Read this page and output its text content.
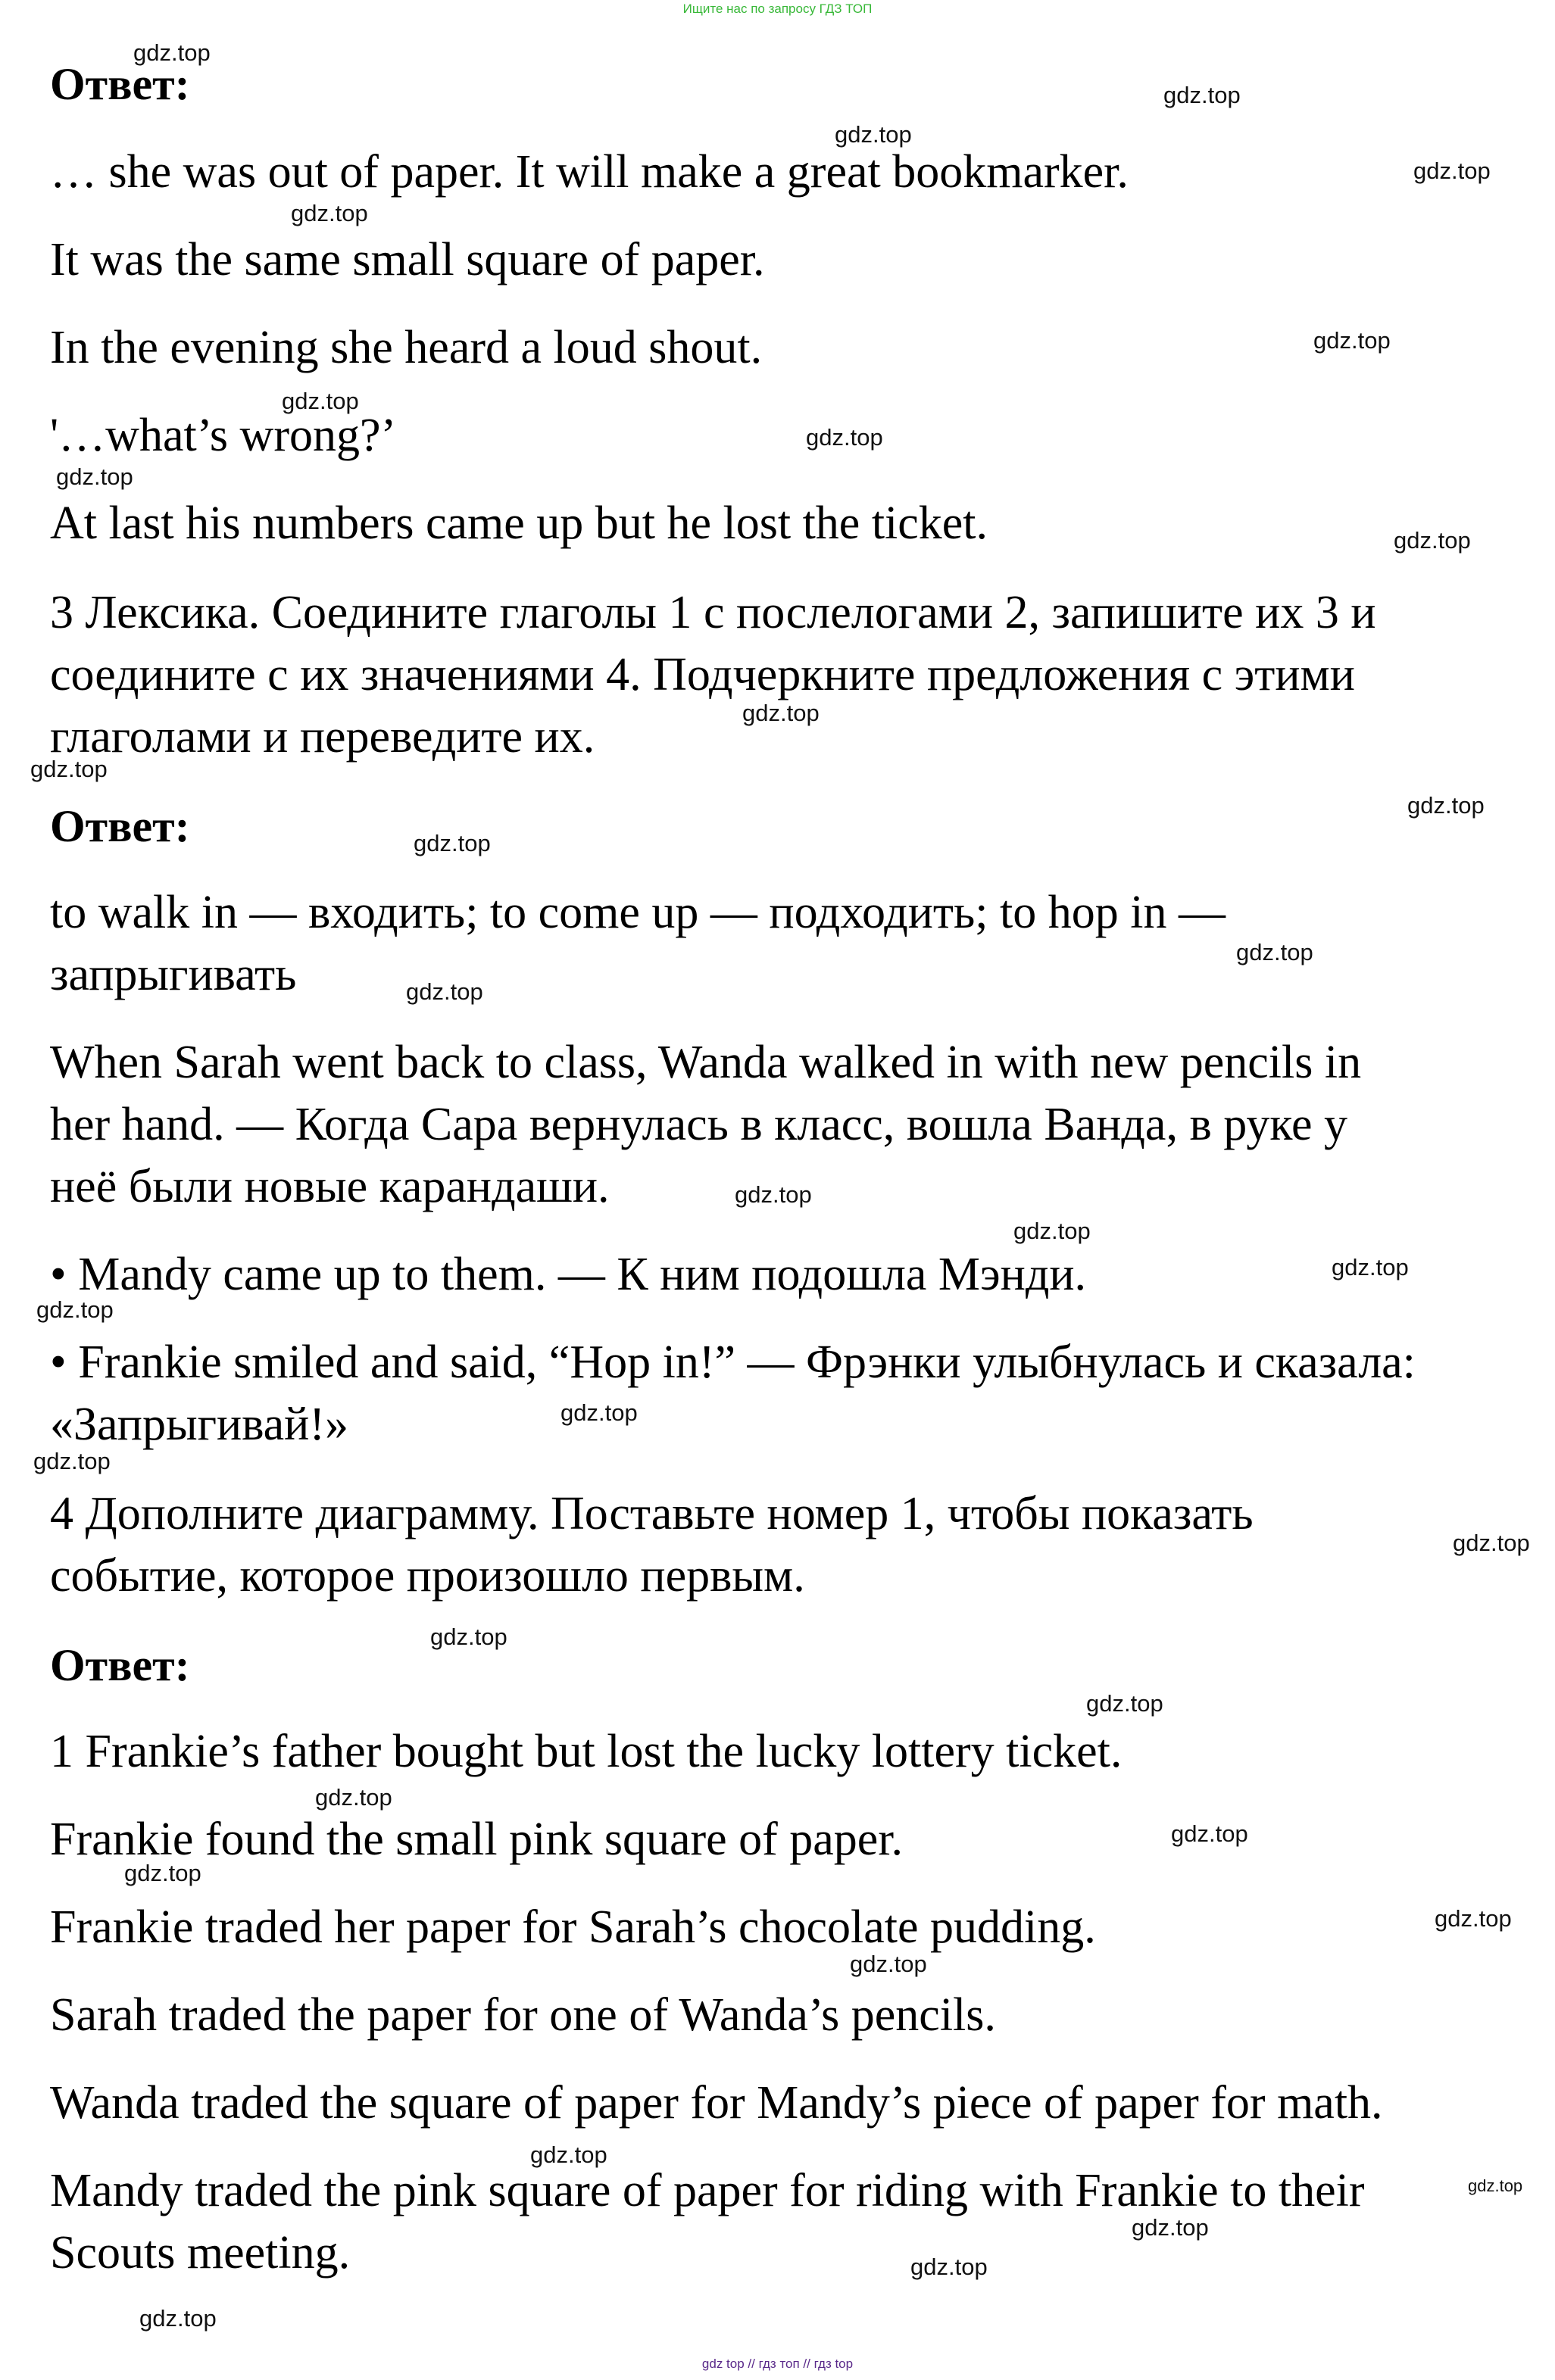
Ищите нас по запросу ГДЗ ТОП
Ответ:
… she was out of paper. It will make a great bookmarker.
It was the same small square of paper.
In the evening she heard a loud shout.
'…what’s wrong?’
At last his numbers came up but he lost the ticket.
3 Лексика. Соедините глаголы 1 с послелогами 2, запишите их 3 и
соедините с их значениями 4. Подчеркните предложения с этими
глаголами и переведите их.
Ответ:
to walk in — входить; to come up — подходить; to hop in —
запрыгивать
When Sarah went back to class, Wanda walked in with new pencils in
her hand. — Когда Сара вернулась в класс, вошла Ванда, в руке у
неё были новые карандаши.
• Mandy came up to them. — К ним подошла Мэнди.
• Frankie smiled and said, “Hop in!” — Фрэнки улыбнулась и сказала:
«Запрыгивай!»
4 Дополните диаграмму. Поставьте номер 1, чтобы показать
событие, которое произошло первым.
Ответ:
1 Frankie’s father bought but lost the lucky lottery ticket.
Frankie found the small pink square of paper.
Frankie traded her paper for Sarah’s chocolate pudding.
Sarah traded the paper for one of Wanda’s pencils.
Wanda traded the square of paper for Mandy’s piece of paper for math.
Mandy traded the pink square of paper for riding with Frankie to their
Scouts meeting.
gdz.top
gdz.top
gdz.top
gdz.top
gdz.top
gdz.top
gdz.top
gdz.top
gdz.top
gdz.top
gdz.top
gdz.top
gdz.top
gdz.top
gdz.top
gdz.top
gdz.top
gdz.top
gdz.top
gdz.top
gdz.top
gdz.top
gdz.top
gdz.top
gdz.top
gdz.top
gdz.top
gdz.top
gdz.top
gdz.top
gdz.top
gdz.top
gdz.top
gdz.top
gdz.top
gdz top // гдз топ // гдз top
